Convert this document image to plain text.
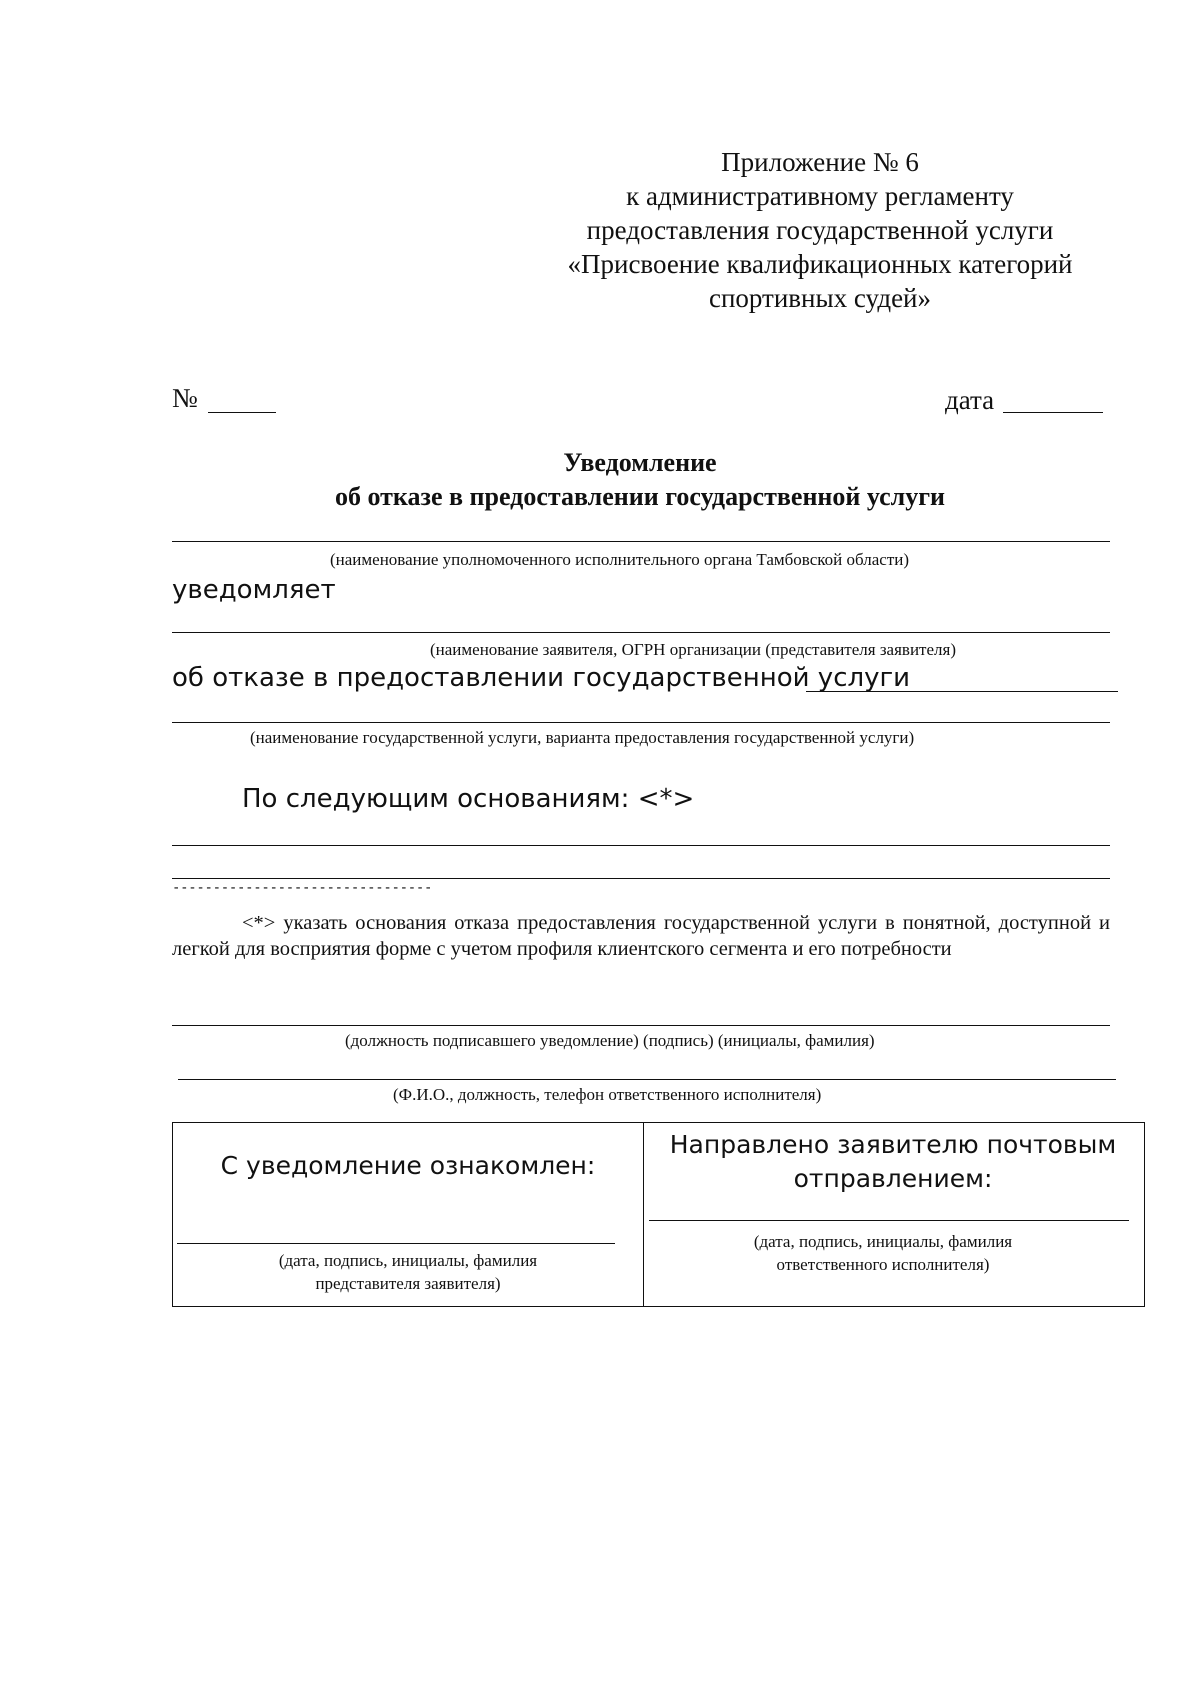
Приложение № 6
к административному регламенту
предоставления государственной услуги
«Присвоение квалификационных категорий
спортивных судей»
№	дата
Уведомление
об отказе в предоставлении государственной услуги
(наименование уполномоченного исполнительного органа Тамбовской области)
уведомляет
(наименование заявителя, ОГРН организации (представителя заявителя)
об отказе в предоставлении государственной услуги
(наименование государственной услуги, варианта предоставления государственной услуги)
По следующим основаниям: <*>
--------------------------------
<*> указать основания отказа предоставления государственной услуги в понятной, доступной и легкой для восприятия форме с учетом профиля клиентского сегмента и его потребности
(должность подписавшего уведомление) (подпись) (инициалы, фамилия)
(Ф.И.О., должность, телефон ответственного исполнителя)
С уведомление ознакомлен:
(дата, подпись, инициалы, фамилия
представителя заявителя)
Направлено заявителю почтовым
отправлением:
(дата, подпись, инициалы, фамилия
ответственного исполнителя)
